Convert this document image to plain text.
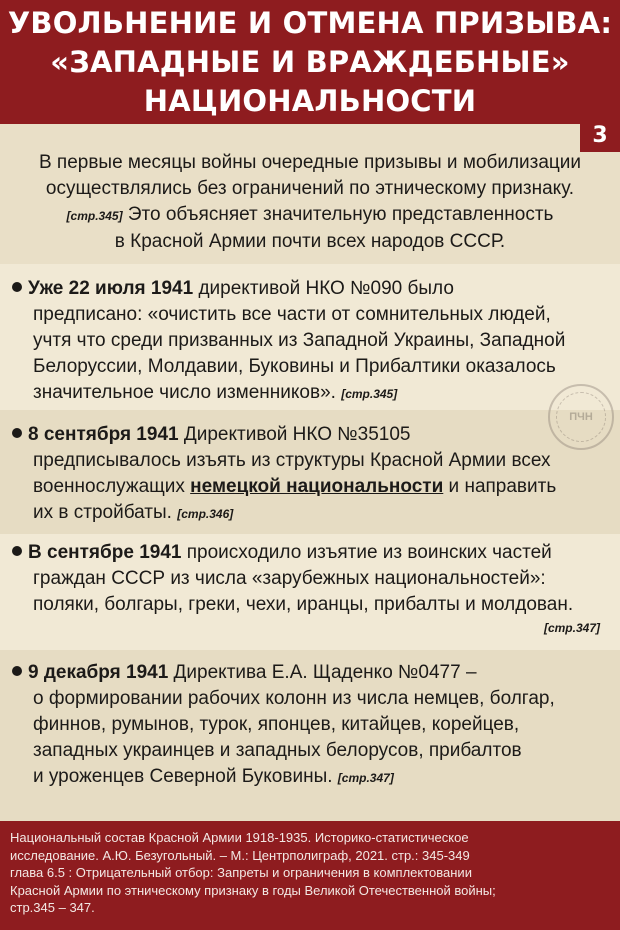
УВОЛЬНЕНИЕ И ОТМЕНА ПРИЗЫВА:
«ЗАПАДНЫЕ И ВРАЖДЕБНЫЕ»
НАЦИОНАЛЬНОСТИ
3
В первые месяцы войны очередные призывы и мобилизации
осуществлялись без ограничений по этническому признаку.
[стр.345] Это объясняет значительную представленность
в Красной Армии почти всех народов СССР.
Уже 22 июля 1941 директивой НКО №090 было
предписано: «очистить все части от сомнительных людей,
учтя что среди призванных из Западной Украины, Западной
Белоруссии, Молдавии, Буковины и Прибалтики оказалось
значительное число изменников». [стр.345]
8 сентября 1941 Директивой НКО №35105
предписывалось изъять из структуры Красной Армии всех
военнослужащих немецкой национальности и направить
их в стройбаты. [стр.346]
В сентябре 1941 происходило изъятие из воинских частей
граждан СССР из числа «зарубежных национальностей»:
поляки, болгары, греки, чехи, иранцы, прибалты и молдован.
[стр.347]
9 декабря 1941 Директива Е.А. Щаденко №0477 –
о формировании рабочих колонн из числа немцев, болгар,
финнов, румынов, турок, японцев, китайцев, корейцев,
западных украинцев и западных белорусов, прибалтов
и уроженцев Северной Буковины. [стр.347]
ПЧН

Национальный состав Красной Армии 1918-1935. Историко-статистическое
исследование. А.Ю. Безугольный. – М.: Центрполиграф, 2021. стр.: 345-349
глава 6.5 : Отрицательный отбор: Запреты и ограничения в комплектовании
Красной Армии по этническому признаку в годы Великой Отечественной войны;
стр.345 – 347.
